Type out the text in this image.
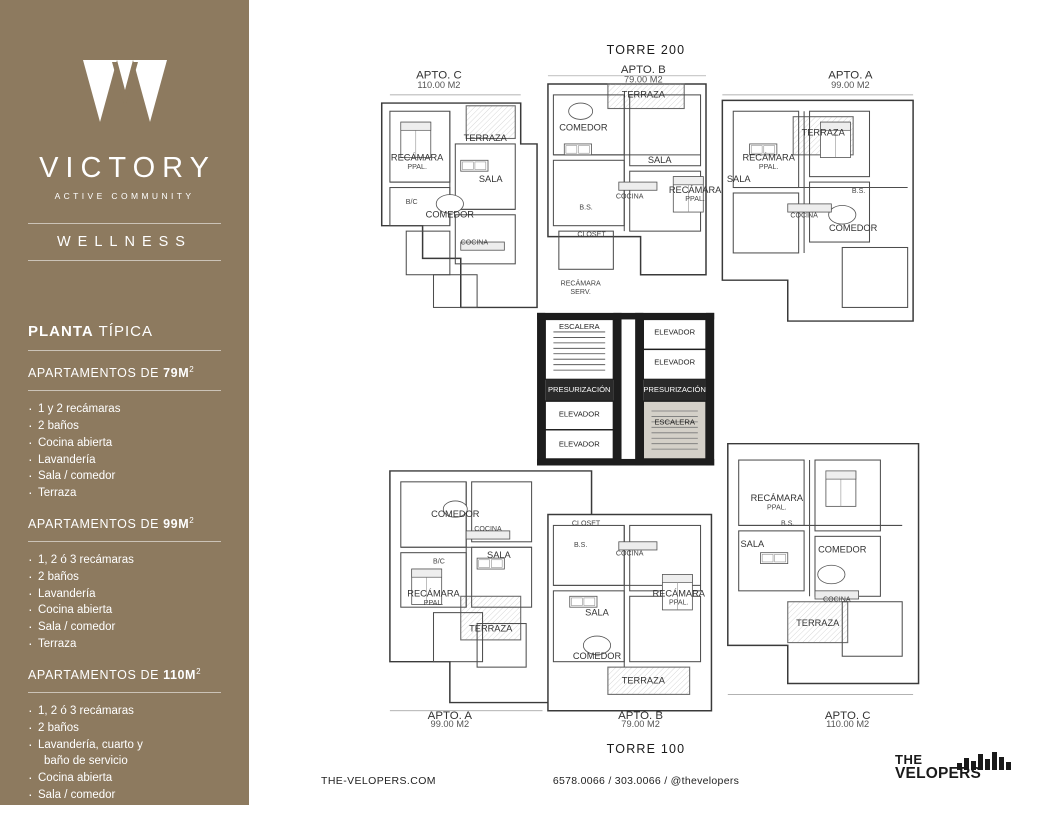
VICTORY
ACTIVE COMMUNITY
WELLNESS
PLANTA TÍPICA
APARTAMENTOS DE $79M^2$
· 1 y 2 recámaras
· 2 baños
· Cocina abierta
· Lavandería
· Sala / comedor
· Terraza
APARTAMENTOS DE $99M^2$
· 1, 2 ó 3 recámaras
· 2 baños
· Lavandería
· Cocina abierta
· Sala / comedor
· Terraza
APARTAMENTOS DE $110M^2$
· 1, 2 ó 3 recámaras
· 2 baños
· Lavandería, cuarto y
baño de servicio
· Cocina abierta
· Sala / comedor
· Terraza
TORRE 200
APTO. C
110.00 M2
APTO. B
79.00 M2	APTO. A
99.00 M2
APTO. A
99.00 M2
APTO. B
79.00 M2
APTO. C
110.00 M2
RECÁMARA
PPAL.
COMEDOR
TERRAZA
SALA
COCINA
B/C
COMEDOR
TERRAZA
SALA
RECÁMARA
PPAL.
COCINA
B.S.
CLOSET
RECÁMARA
PPAL.
TERRAZA
SALA
COMEDOR
COCINA
B.S.
RECÁMARA
SERV.
RECÁMARA
PPAL.
TERRAZA
SALA
COMEDOR
COCINA
B/C
COMEDOR
TERRAZA
SALA
RECÁMARA
PPAL.
COCINA
B.S.
CLOSET
RECÁMARA
PPAL.
TERRAZA
SALA
COMEDOR
COCINA
B.S.
ESCALERA
PRESURIZACIÓN
ELEVADOR
ELEVADOR
ELEVADOR
ELEVADOR
PRESURIZACIÓN
ESCALERA
TORRE 100
THE-VELOPERS.COM	6578.0066 / 303.0066 / @thevelopers
THE
VELOPERS
